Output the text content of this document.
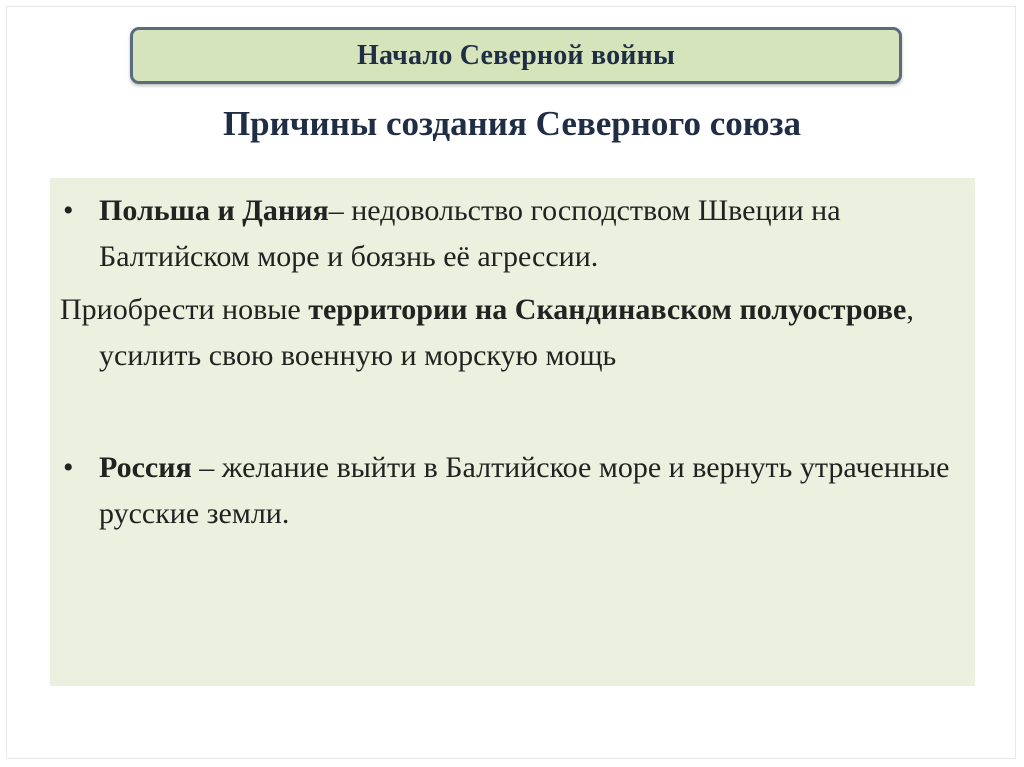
Начало Северной войны
Причины создания Северного союза

• Польша и Дания– недовольство господством Швеции на Балтийском море и боязнь её агрессии.

Приобрести новые территории на Скандинавском полуострове, усилить свою военную и морскую мощь

• Россия – желание выйти в Балтийское море и вернуть утраченные русские земли.
